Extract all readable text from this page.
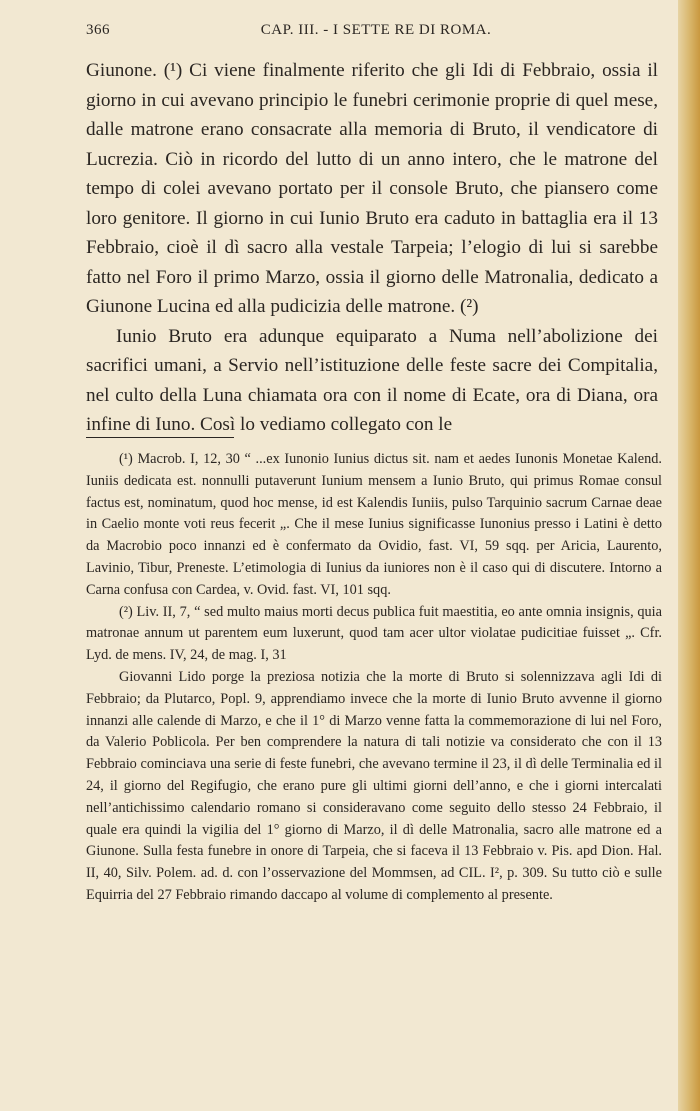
366	CAP. III. - I SETTE RE DI ROMA.

Giunone. (¹) Ci viene finalmente riferito che gli Idi di Febbraio, ossia il giorno in cui avevano principio le funebri cerimonie proprie di quel mese, dalle matrone erano consacrate alla memoria di Bruto, il vendicatore di Lucrezia. Ciò in ricordo del lutto di un anno intero, che le matrone del tempo di colei avevano portato per il console Bruto, che piansero come loro genitore. Il giorno in cui Iunio Bruto era caduto in battaglia era il 13 Febbraio, cioè il dì sacro alla vestale Tarpeia; l’elogio di lui si sarebbe fatto nel Foro il primo Marzo, ossia il giorno delle Matronalia, dedicato a Giunone Lucina ed alla pudicizia delle matrone. (²)

Iunio Bruto era adunque equiparato a Numa nell’abolizione dei sacrifici umani, a Servio nell’istituzione delle feste sacre dei Compitalia, nel culto della Luna chiamata ora con il nome di Ecate, ora di Diana, ora infine di Iuno. Così lo vediamo collegato con le

(¹) Macrob. I, 12, 30 “ ...ex Iunonio Iunius dictus sit. nam et aedes Iunonis Monetae Kalend. Iuniis dedicata est. nonnulli putaverunt Iunium mensem a Iunio Bruto, qui primus Romae consul factus est, nominatum, quod hoc mense, id est Kalendis Iuniis, pulso Tarquinio sacrum Carnae deae in Caelio monte voti reus fecerit „. Che il mese Iunius significasse Iunonius presso i Latini è detto da Macrobio poco innanzi ed è confermato da Ovidio, fast. VI, 59 sqq. per Aricia, Laurento, Lavinio, Tibur, Preneste. L’etimologia di Iunius da iuniores non è il caso qui di discutere. Intorno a Carna confusa con Cardea, v. Ovid. fast. VI, 101 sqq.

(²) Liv. II, 7, “ sed multo maius morti decus publica fuit maestitia, eo ante omnia insignis, quia matronae annum ut parentem eum luxerunt, quod tam acer ultor violatae pudicitiae fuisset „. Cfr. Lyd. de mens. IV, 24, de mag. I, 31

Giovanni Lido porge la preziosa notizia che la morte di Bruto si solennizzava agli Idi di Febbraio; da Plutarco, Popl. 9, apprendiamo invece che la morte di Iunio Bruto avvenne il giorno innanzi alle calende di Marzo, e che il 1° di Marzo venne fatta la commemorazione di lui nel Foro, da Valerio Poblicola. Per ben comprendere la natura di tali notizie va considerato che con il 13 Febbraio cominciava una serie di feste funebri, che avevano termine il 23, il dì delle Terminalia ed il 24, il giorno del Regifugio, che erano pure gli ultimi giorni dell’anno, e che i giorni intercalati nell’antichissimo calendario romano si consideravano come seguito dello stesso 24 Febbraio, il quale era quindi la vigilia del 1° giorno di Marzo, il dì delle Matronalia, sacro alle matrone ed a Giunone. Sulla festa funebre in onore di Tarpeia, che si faceva il 13 Febbraio v. Pis. apd Dion. Hal. II, 40, Silv. Polem. ad. d. con l’osservazione del Mommsen, ad CIL. I², p. 309. Su tutto ciò e sulle Equirria del 27 Febbraio rimando daccapo al volume di complemento al presente.
